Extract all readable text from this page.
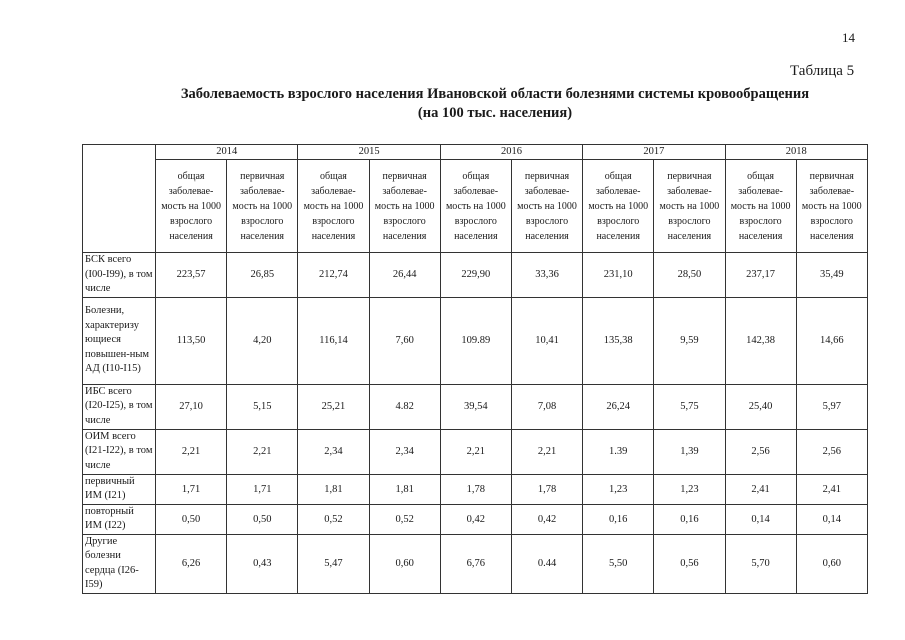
14
Таблица 5
Заболеваемость взрослого населения Ивановской области болезнями системы кровообращения
(на 100 тыс. населения)
	2014		2015		2016		2017		2018	
	общая заболевае-мость на 1000 взрослого населения	первичная заболевае-мость на 1000 взрослого населения	общая заболевае-мость на 1000 взрослого населения	первичная заболевае-мость на 1000 взрослого населения	общая заболевае-мость на 1000 взрослого населения	первичная заболевае-мость на 1000 взрослого населения	общая заболевае-мость на 1000 взрослого населения	первичная заболевае-мость на 1000 взрослого населения	общая заболевае-мость на 1000 взрослого населения	первичная заболевае-мость на 1000 взрослого населения
БСК всего (I00-I99), в том числе	223,57	26,85	212,74	26,44	229,90	33,36	231,10	28,50	237,17	35,49
Болезни, характеризу ющиеся повышен-ным АД (I10-I15)	113,50	4,20	116,14	7,60	109.89	10,41	135,38	9,59	142,38	14,66
ИБС всего (I20-I25), в том числе	27,10	5,15	25,21	4.82	39,54	7,08	26,24	5,75	25,40	5,97
ОИМ всего (I21-I22), в том числе	2,21	2,21	2,34	2,34	2,21	2,21	1.39	1,39	2,56	2,56
первичный ИМ (I21)	1,71	1,71	1,81	1,81	1,78	1,78	1,23	1,23	2,41	2,41
повторный ИМ (I22)	0,50	0,50	0,52	0,52	0,42	0,42	0,16	0,16	0,14	0,14
Другие болезни сердца (I26-I59)	6,26	0,43	5,47	0,60	6,76	0.44	5,50	0,56	5,70	0,60
